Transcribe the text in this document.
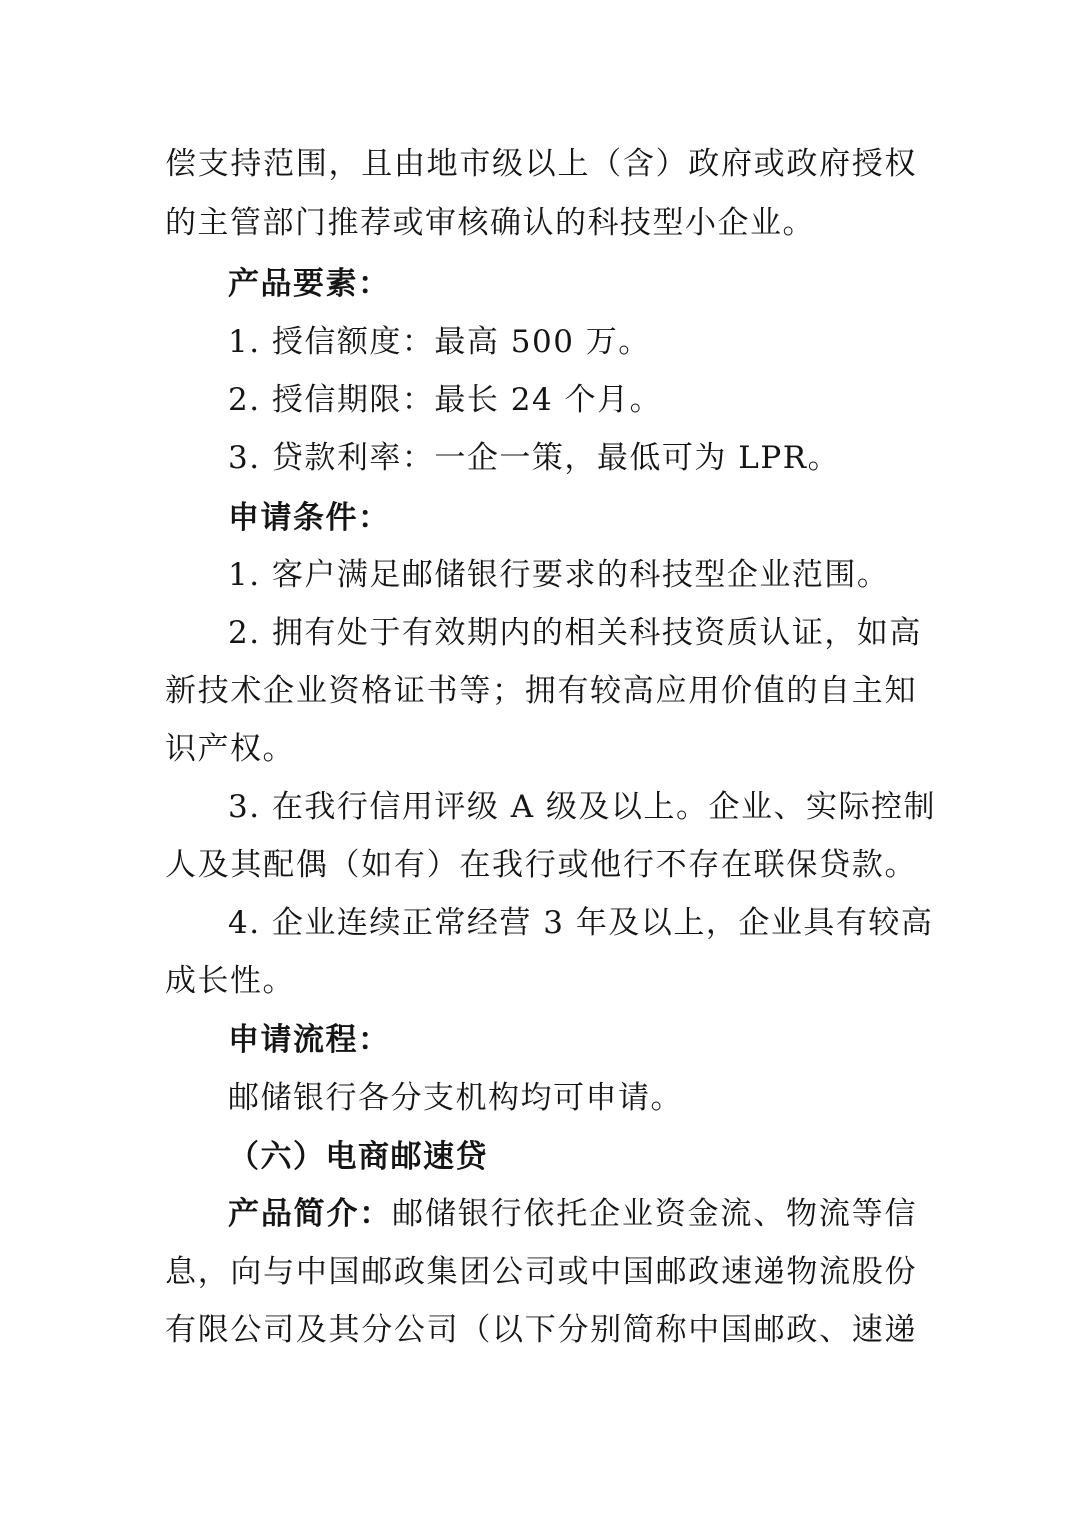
偿支持范围，且由地市级以上（含）政府或政府授权
的主管部门推荐或审核确认的科技型小企业。
产品要素：
1. 授信额度：最高 500 万。
2. 授信期限：最长 24 个月。
3. 贷款利率：一企一策，最低可为 LPR。
申请条件：
1. 客户满足邮储银行要求的科技型企业范围。
2. 拥有处于有效期内的相关科技资质认证，如高
新技术企业资格证书等；拥有较高应用价值的自主知
识产权。
3. 在我行信用评级 A 级及以上。企业、实际控制
人及其配偶（如有）在我行或他行不存在联保贷款。
4. 企业连续正常经营 3 年及以上，企业具有较高
成长性。
申请流程：
邮储银行各分支机构均可申请。
（六）电商邮速贷
产品简介：邮储银行依托企业资金流、物流等信
息，向与中国邮政集团公司或中国邮政速递物流股份
有限公司及其分公司（以下分别简称中国邮政、速递
